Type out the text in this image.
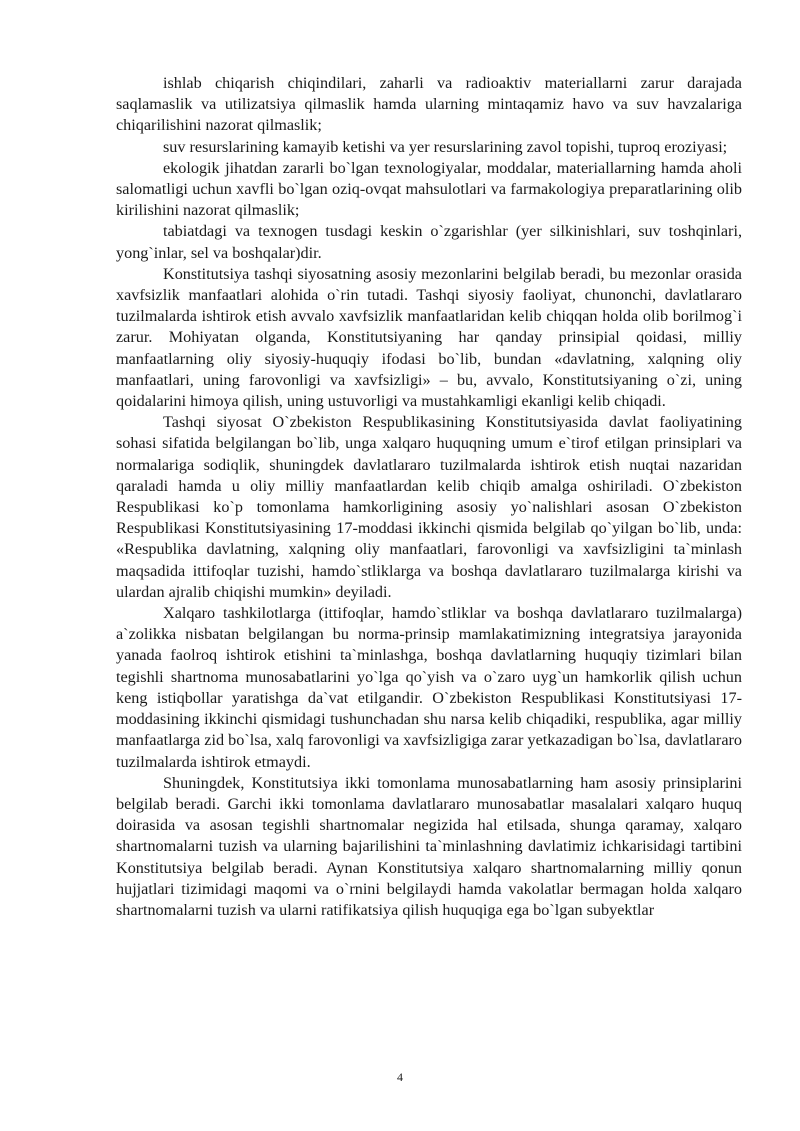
ishlab chiqarish chiqindilari, zaharli va radioaktiv materiallarni zarur darajada saqlamaslik va utilizatsiya qilmaslik hamda ularning mintaqamiz havo va suv havzalariga chiqarilishini nazorat qilmaslik;

suv resurslarining kamayib ketishi va yer resurslarining zavol topishi, tuproq eroziyasi;

ekologik jihatdan zararli bo`lgan texnologiyalar, moddalar, materiallarning hamda aholi salomatligi uchun xavfli bo`lgan oziq-ovqat mahsulotlari va farmakologiya preparatlarining olib kirilishini nazorat qilmaslik;

tabiatdagi va texnogen tusdagi keskin o`zgarishlar (yer silkinishlari, suv toshqinlari, yong`inlar, sel va boshqalar)dir.

Konstitutsiya tashqi siyosatning asosiy mezonlarini belgilab beradi, bu mezonlar orasida xavfsizlik manfaatlari alohida o`rin tutadi. Tashqi siyosiy faoliyat, chunonchi, davlatlararo tuzilmalarda ishtirok etish avvalo xavfsizlik manfaatlaridan kelib chiqqan holda olib borilmog`i zarur. Mohiyatan olganda, Konstitutsiyaning har qanday prinsipial qoidasi, milliy manfaatlarning oliy siyosiy-huquqiy ifodasi bo`lib, bundan «davlatning, xalqning oliy manfaatlari, uning farovonligi va xavfsizligi» – bu, avvalo, Konstitutsiyaning o`zi, uning qoidalarini himoya qilish, uning ustuvorligi va mustahkamligi ekanligi kelib chiqadi.

Tashqi siyosat O`zbekiston Respublikasining Konstitutsiyasida davlat faoliyatining sohasi sifatida belgilangan bo`lib, unga xalqaro huquqning umum e`tirof etilgan prinsiplari va normalariga sodiqlik, shuningdek davlatlararo tuzilmalarda ishtirok etish nuqtai nazaridan qaraladi hamda u oliy milliy manfaatlardan kelib chiqib amalga oshiriladi. O`zbekiston Respublikasi ko`p tomonlama hamkorligining asosiy yo`nalishlari asosan O`zbekiston Respublikasi Konstitutsiyasining 17-moddasi ikkinchi qismida belgilab qo`yilgan bo`lib, unda: «Respublika davlatning, xalqning oliy manfaatlari, farovonligi va xavfsizligini ta`minlash maqsadida ittifoqlar tuzishi, hamdo`stliklarga va boshqa davlatlararo tuzilmalarga kirishi va ulardan ajralib chiqishi mumkin» deyiladi.

Xalqaro tashkilotlarga (ittifoqlar, hamdo`stliklar va boshqa davlatlararo tuzilmalarga) a`zolikka nisbatan belgilangan bu norma-prinsip mamlakatimizning integratsiya jarayonida yanada faolroq ishtirok etishini ta`minlashga, boshqa davlatlarning huquqiy tizimlari bilan tegishli shartnoma munosabatlarini yo`lga qo`yish va o`zaro uyg`un hamkorlik qilish uchun keng istiqbollar yaratishga da`vat etilgandir. O`zbekiston Respublikasi Konstitutsiyasi 17-moddasining ikkinchi qismidagi tushunchadan shu narsa kelib chiqadiki, respublika, agar milliy manfaatlarga zid bo`lsa, xalq farovonligi va xavfsizligiga zarar yetkazadigan bo`lsa, davlatlararo tuzilmalarda ishtirok etmaydi.

Shuningdek, Konstitutsiya ikki tomonlama munosabatlarning ham asosiy prinsiplarini belgilab beradi. Garchi ikki tomonlama davlatlararo munosabatlar masalalari xalqaro huquq doirasida va asosan tegishli shartnomalar negizida hal etilsada, shunga qaramay, xalqaro shartnomalarni tuzish va ularning bajarilishini ta`minlashning davlatimiz ichkarisidagi tartibini Konstitutsiya belgilab beradi. Aynan Konstitutsiya xalqaro shartnomalarning milliy qonun hujjatlari tizimidagi maqomi va o`rnini belgilaydi hamda vakolatlar bermagan holda xalqaro shartnomalarni tuzish va ularni ratifikatsiya qilish huquqiga ega bo`lgan subyektlar

4
